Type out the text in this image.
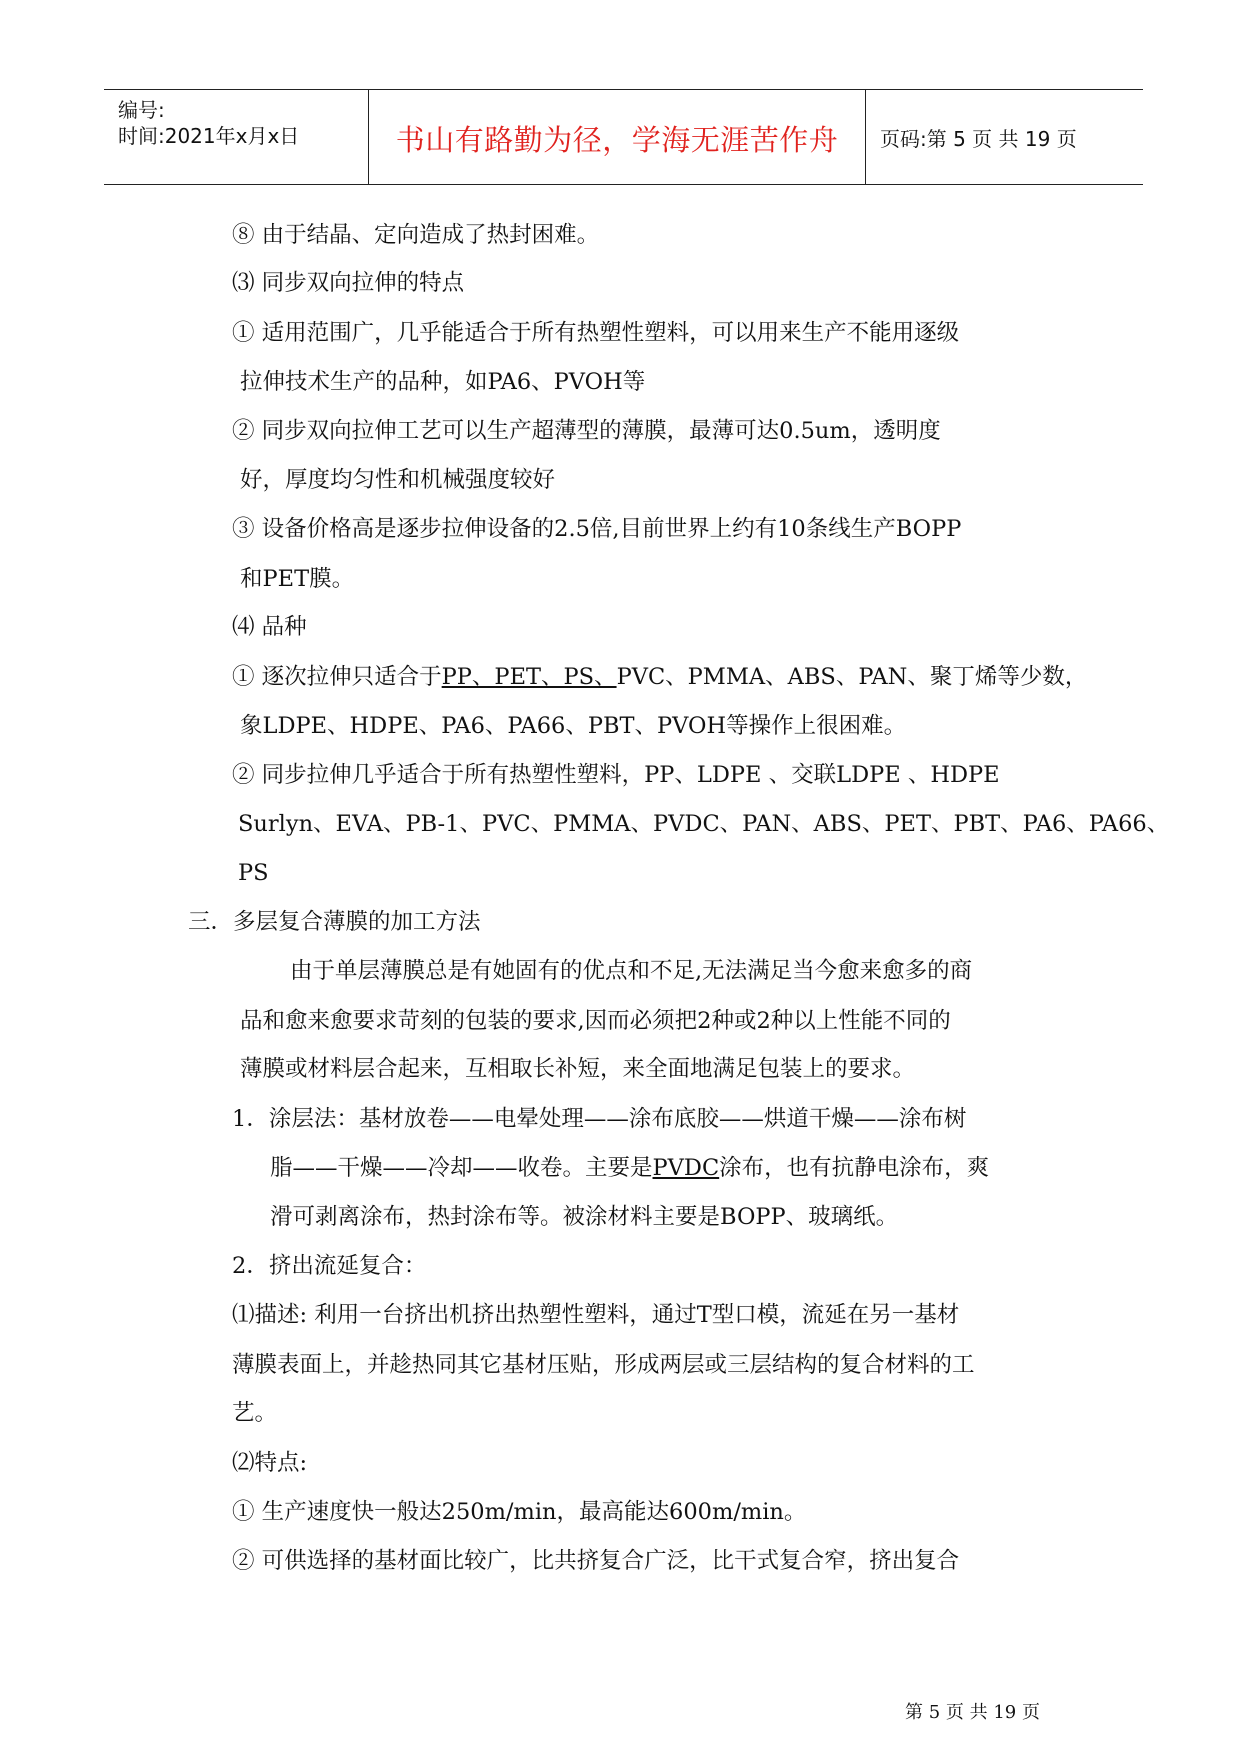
编号:
时间:2021年x月x日	书山有路勤为径，学海无涯苦作舟	页码:第 5 页 共 19 页
⑧ 由于结晶、定向造成了热封困难。
⑶ 同步双向拉伸的特点
① 适用范围广，几乎能适合于所有热塑性塑料，可以用来生产不能用逐级
拉伸技术生产的品种，如PA6、PVOH等
② 同步双向拉伸工艺可以生产超薄型的薄膜，最薄可达0.5um，透明度
好，厚度均匀性和机械强度较好
③ 设备价格高是逐步拉伸设备的2.5倍,目前世界上约有10条线生产BOPP
和PET膜。
⑷ 品种
① 逐次拉伸只适合于PP、PET、PS、PVC、PMMA、ABS、PAN、聚丁烯等少数，
象LDPE、HDPE、PA6、PA66、PBT、PVOH等操作上很困难。
② 同步拉伸几乎适合于所有热塑性塑料，PP、LDPE 、交联LDPE 、HDPE
Surlyn、EVA、PB-1、PVC、PMMA、PVDC、PAN、ABS、PET、PBT、PA6、PA66、
PS
三．多层复合薄膜的加工方法
由于单层薄膜总是有她固有的优点和不足,无法满足当今愈来愈多的商
品和愈来愈要求苛刻的包装的要求,因而必须把2种或2种以上性能不同的
薄膜或材料层合起来，互相取长补短，来全面地满足包装上的要求。
1．涂层法：基材放卷——电晕处理——涂布底胶——烘道干燥——涂布树
脂——干燥——冷却——收卷。主要是PVDC涂布，也有抗静电涂布，爽
滑可剥离涂布，热封涂布等。被涂材料主要是BOPP、玻璃纸。
2．挤出流延复合：
⑴描述: 利用一台挤出机挤出热塑性塑料，通过T型口模，流延在另一基材
薄膜表面上，并趁热同其它基材压贴，形成两层或三层结构的复合材料的工
艺。
⑵特点:
① 生产速度快一般达250m/min，最高能达600m/min。
② 可供选择的基材面比较广，比共挤复合广泛，比干式复合窄，挤出复合
第 5 页 共 19 页
